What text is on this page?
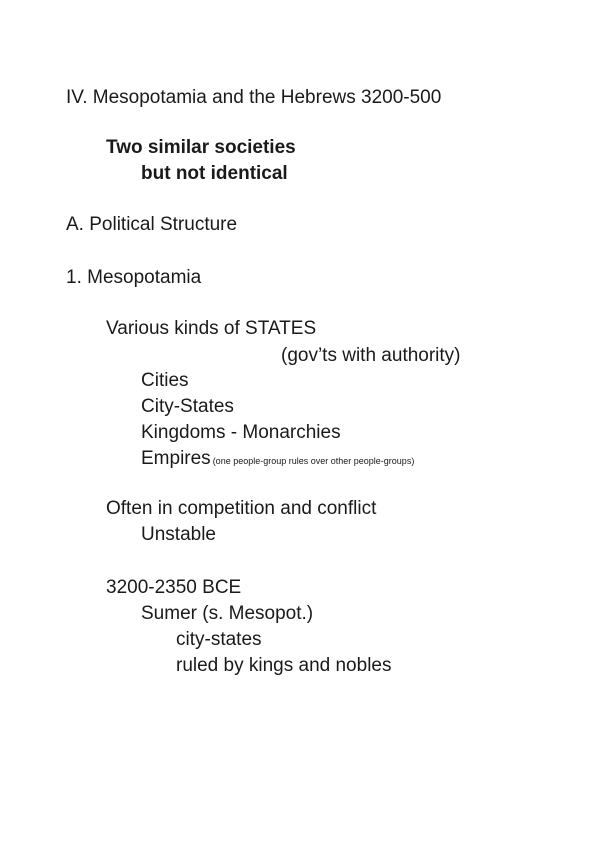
IV. Mesopotamia and the Hebrews 3200-500
Two similar societies
but not identical
A. Political Structure
1. Mesopotamia
Various kinds of STATES
(gov’ts with authority)
Cities
City-States
Kingdoms - Monarchies
Empires (one people-group rules over other people-groups)
Often in competition and conflict
Unstable
3200-2350 BCE
Sumer (s. Mesopot.)
city-states
ruled by kings and nobles
